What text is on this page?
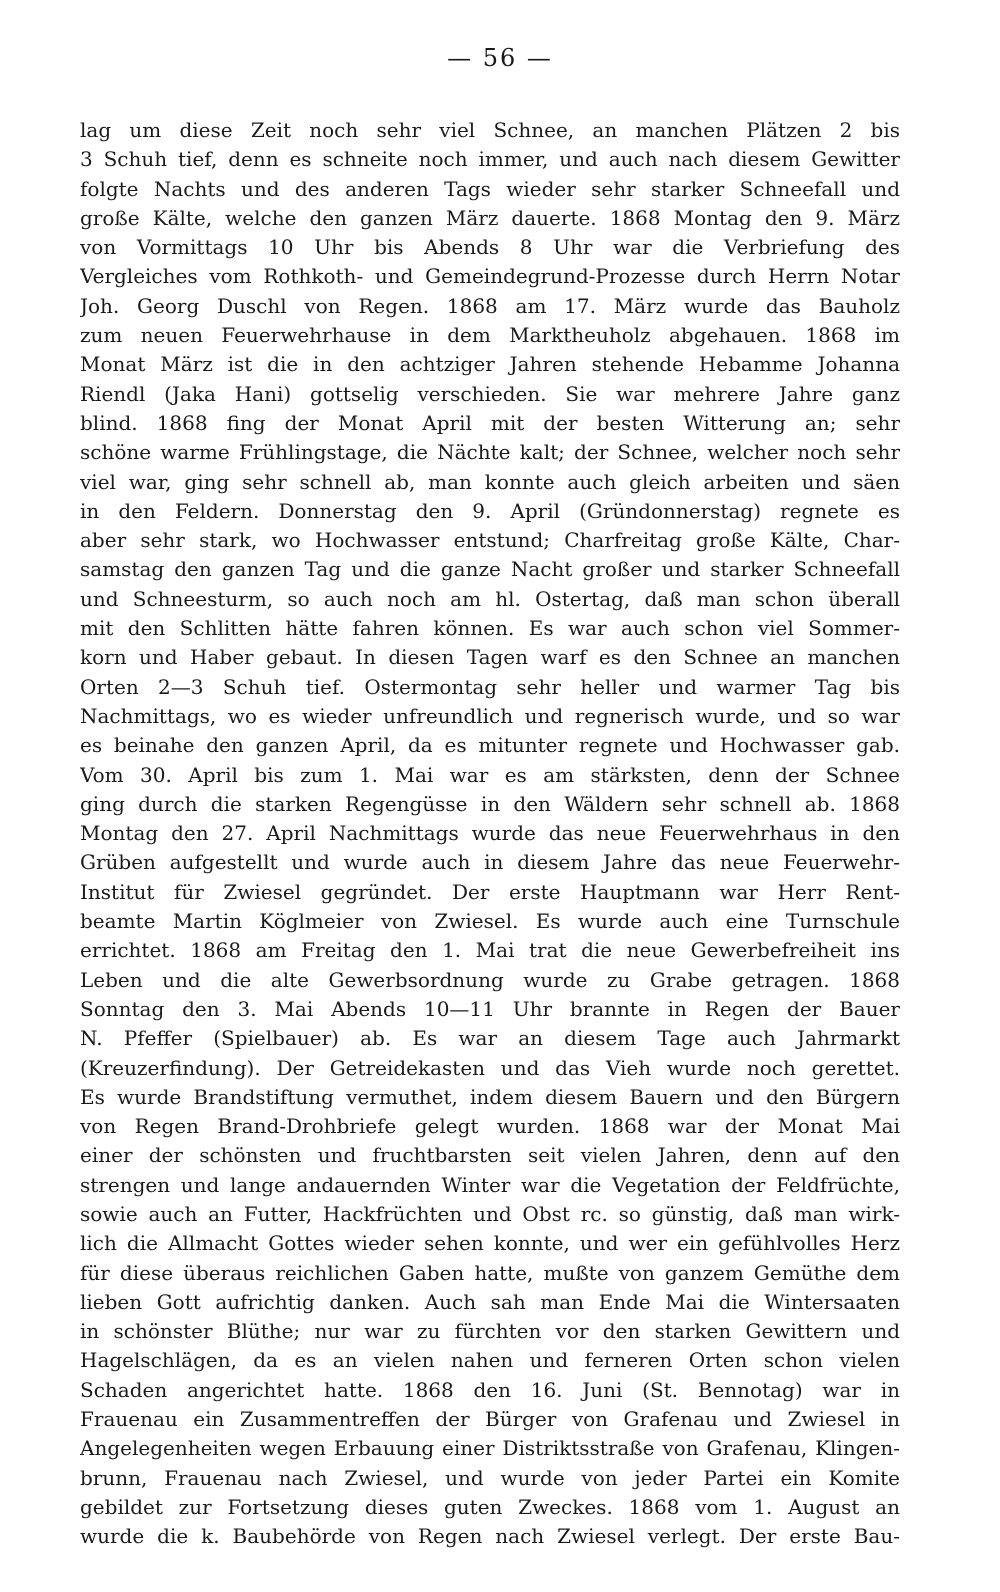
— 56 —
lag um diese Zeit noch sehr viel Schnee, an manchen Plätzen 2 bis
3 Schuh tief, denn es schneite noch immer, und auch nach diesem Gewitter
folgte Nachts und des anderen Tags wieder sehr starker Schneefall und
große Kälte, welche den ganzen März dauerte. 1868 Montag den 9. März
von Vormittags 10 Uhr bis Abends 8 Uhr war die Verbriefung des
Vergleiches vom Rothkoth- und Gemeindegrund-Prozesse durch Herrn Notar
Joh. Georg Duschl von Regen. 1868 am 17. März wurde das Bauholz
zum neuen Feuerwehrhause in dem Marktheuholz abgehauen. 1868 im
Monat März ist die in den achtziger Jahren stehende Hebamme Johanna
Riendl (Jaka Hani) gottselig verschieden. Sie war mehrere Jahre ganz
blind. 1868 fing der Monat April mit der besten Witterung an; sehr
schöne warme Frühlingstage, die Nächte kalt; der Schnee, welcher noch sehr
viel war, ging sehr schnell ab, man konnte auch gleich arbeiten und säen
in den Feldern. Donnerstag den 9. April (Gründonnerstag) regnete es
aber sehr stark, wo Hochwasser entstund; Charfreitag große Kälte, Char-
samstag den ganzen Tag und die ganze Nacht großer und starker Schneefall
und Schneesturm, so auch noch am hl. Ostertag, daß man schon überall
mit den Schlitten hätte fahren können. Es war auch schon viel Sommer-
korn und Haber gebaut. In diesen Tagen warf es den Schnee an manchen
Orten 2—3 Schuh tief. Ostermontag sehr heller und warmer Tag bis
Nachmittags, wo es wieder unfreundlich und regnerisch wurde, und so war
es beinahe den ganzen April, da es mitunter regnete und Hochwasser gab.
Vom 30. April bis zum 1. Mai war es am stärksten, denn der Schnee
ging durch die starken Regengüsse in den Wäldern sehr schnell ab. 1868
Montag den 27. April Nachmittags wurde das neue Feuerwehrhaus in den
Grüben aufgestellt und wurde auch in diesem Jahre das neue Feuerwehr-
Institut für Zwiesel gegründet. Der erste Hauptmann war Herr Rent-
beamte Martin Köglmeier von Zwiesel. Es wurde auch eine Turnschule
errichtet. 1868 am Freitag den 1. Mai trat die neue Gewerbefreiheit ins
Leben und die alte Gewerbsordnung wurde zu Grabe getragen. 1868
Sonntag den 3. Mai Abends 10—11 Uhr brannte in Regen der Bauer
N. Pfeffer (Spielbauer) ab. Es war an diesem Tage auch Jahrmarkt
(Kreuzerfindung). Der Getreidekasten und das Vieh wurde noch gerettet.
Es wurde Brandstiftung vermuthet, indem diesem Bauern und den Bürgern
von Regen Brand-Drohbriefe gelegt wurden. 1868 war der Monat Mai
einer der schönsten und fruchtbarsten seit vielen Jahren, denn auf den
strengen und lange andauernden Winter war die Vegetation der Feldfrüchte,
sowie auch an Futter, Hackfrüchten und Obst rc. so günstig, daß man wirk-
lich die Allmacht Gottes wieder sehen konnte, und wer ein gefühlvolles Herz
für diese überaus reichlichen Gaben hatte, mußte von ganzem Gemüthe dem
lieben Gott aufrichtig danken. Auch sah man Ende Mai die Wintersaaten
in schönster Blüthe; nur war zu fürchten vor den starken Gewittern und
Hagelschlägen, da es an vielen nahen und ferneren Orten schon vielen
Schaden angerichtet hatte. 1868 den 16. Juni (St. Bennotag) war in
Frauenau ein Zusammentreffen der Bürger von Grafenau und Zwiesel in
Angelegenheiten wegen Erbauung einer Distriktsstraße von Grafenau, Klingen-
brunn, Frauenau nach Zwiesel, und wurde von jeder Partei ein Komite
gebildet zur Fortsetzung dieses guten Zweckes. 1868 vom 1. August an
wurde die k. Baubehörde von Regen nach Zwiesel verlegt. Der erste Bau-
